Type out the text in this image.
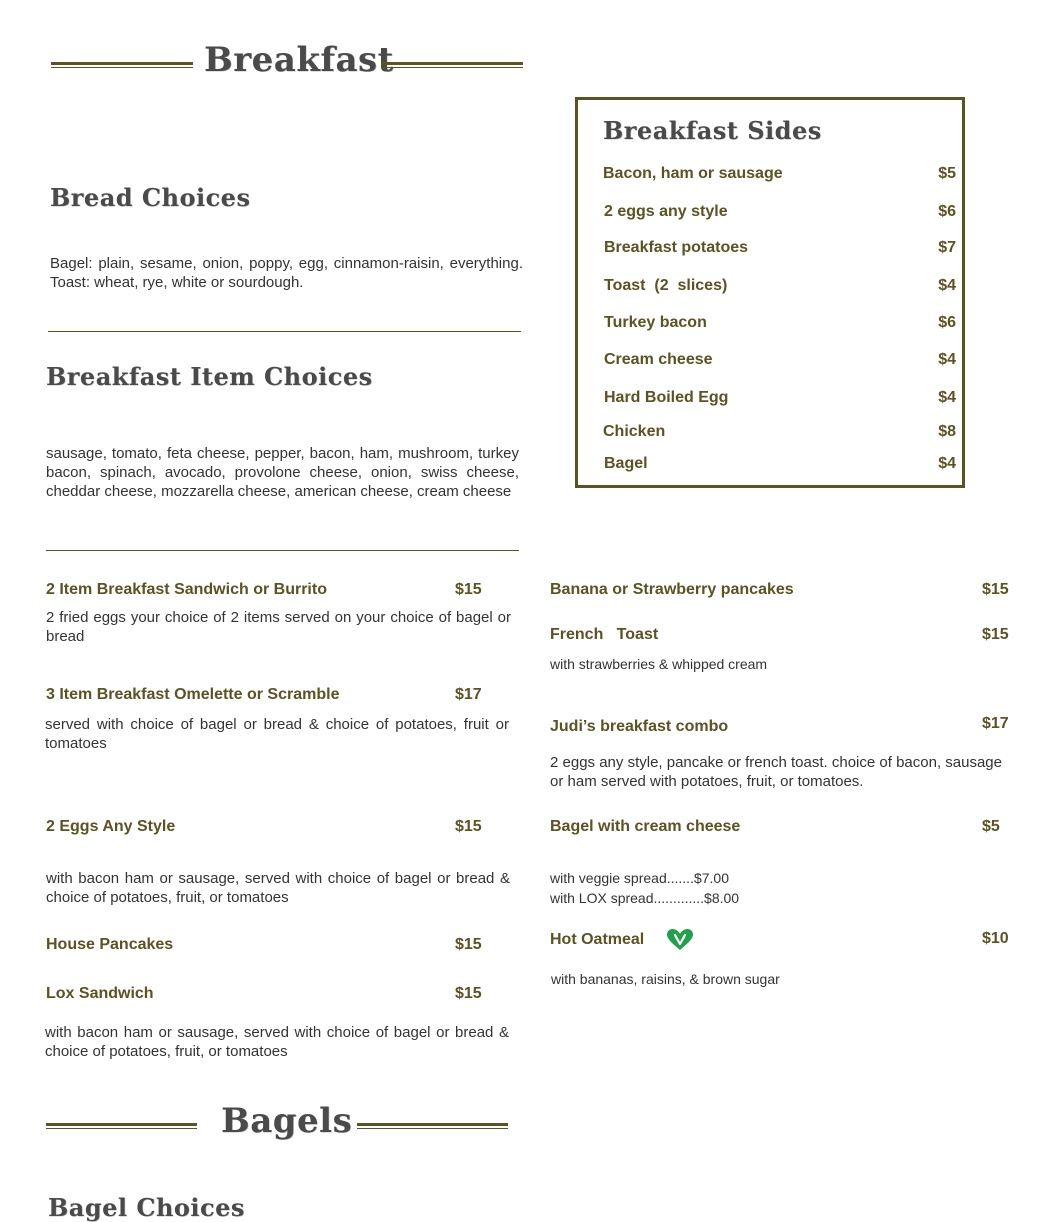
Breakfast
Bread Choices
Bagel: plain, sesame, onion, poppy, egg, cinnamon-raisin, everything. Toast: wheat, rye, white or sourdough.
Breakfast Item Choices
sausage, tomato, feta cheese, pepper, bacon, ham, mushroom, turkey bacon, spinach, avocado, provolone cheese, onion, swiss cheese, cheddar cheese, mozzarella cheese, american cheese, cream cheese
Breakfast Sides
Bacon, ham or sausage	$5
2 eggs any style	$6
Breakfast potatoes	$7
Toast  (2  slices)	$4
Turkey bacon	$6
Cream cheese	$4
Hard Boiled Egg	$4
Chicken	$8
Bagel	$4
2 Item Breakfast Sandwich or Burrito	$15
2 fried eggs your choice of 2 items served on your choice of bagel or bread
3 Item Breakfast Omelette or Scramble	$17
served with choice of bagel or bread & choice of potatoes, fruit or tomatoes
2 Eggs Any Style	$15
with bacon ham or sausage, served with choice of bagel or bread & choice of potatoes, fruit, or tomatoes
House Pancakes	$15
Lox Sandwich	$15
with bacon ham or sausage, served with choice of bagel or bread & choice of potatoes, fruit, or tomatoes
Banana or Strawberry pancakes	$15
French   Toast	$15
with strawberries & whipped cream
Judi’s breakfast combo	$17
2 eggs any style, pancake or french toast. choice of bacon, sausage or ham served with potatoes, fruit, or tomatoes.
Bagel with cream cheese	$5
with veggie spread.......$7.00
with LOX spread.............$8.00
Hot Oatmeal	$10
with bananas, raisins, & brown sugar
Bagels
Bagel Choices
